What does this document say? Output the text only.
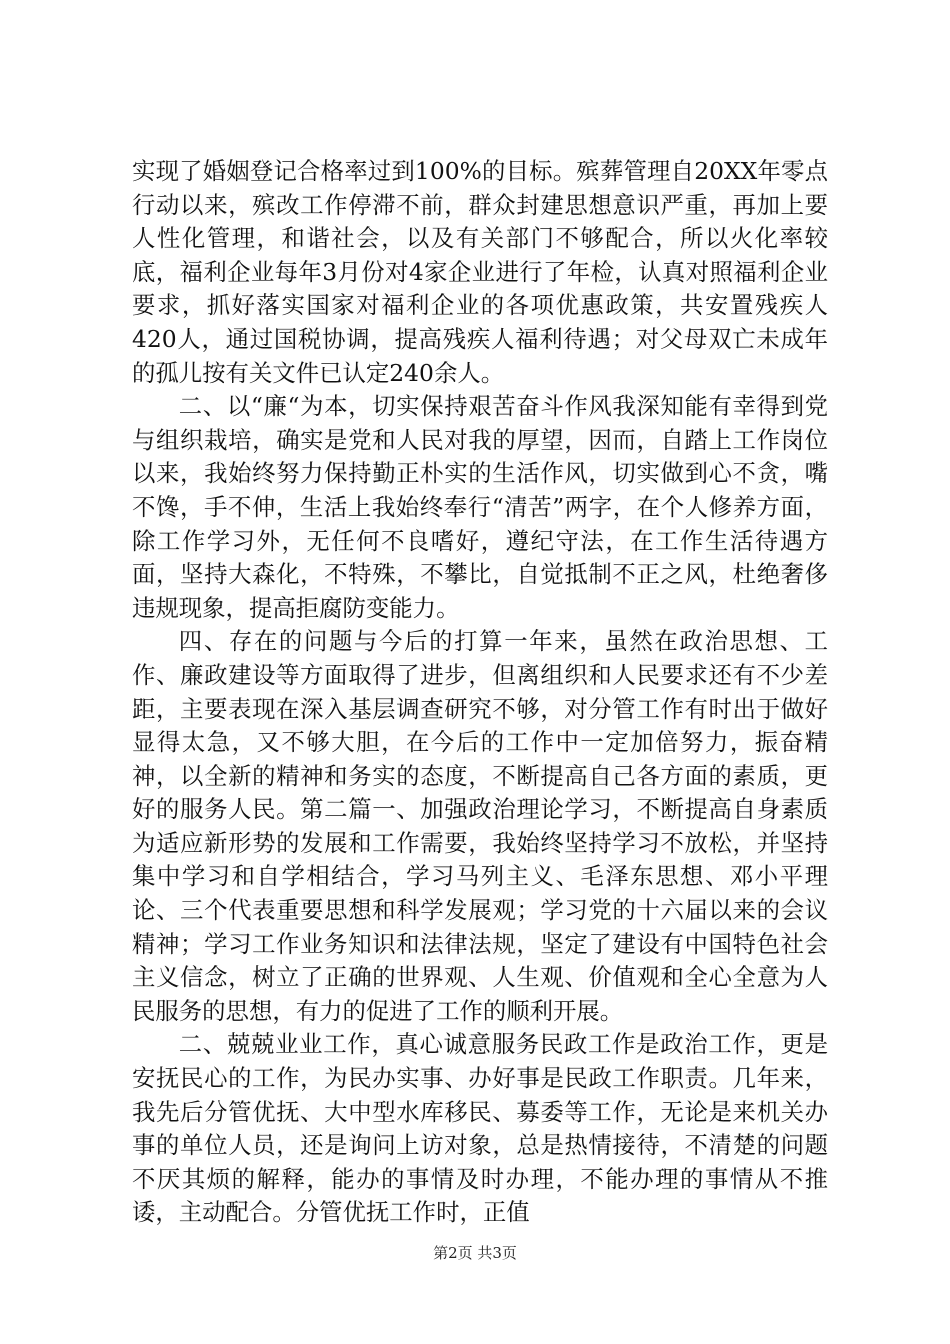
实现了婚姻登记合格率过到100%的目标。殡葬管理自20XX年零点行动以来，殡改工作停滞不前，群众封建思想意识严重，再加上要人性化管理，和谐社会，以及有关部门不够配合，所以火化率较底，福利企业每年3月份对4家企业进行了年检，认真对照福利企业要求，抓好落实国家对福利企业的各项优惠政策，共安置残疾人420人，通过国税协调，提高残疾人福利待遇；对父母双亡未成年的孤儿按有关文件已认定240余人。

二、以“廉“为本，切实保持艰苦奋斗作风我深知能有幸得到党与组织栽培，确实是党和人民对我的厚望，因而，自踏上工作岗位以来，我始终努力保持勤正朴实的生活作风，切实做到心不贪，嘴不馋，手不伸，生活上我始终奉行“清苦”两字，在个人修养方面，除工作学习外，无任何不良嗜好，遵纪守法，在工作生活待遇方面，坚持大森化，不特殊，不攀比，自觉抵制不正之风，杜绝奢侈违规现象，提高拒腐防变能力。

四、存在的问题与今后的打算一年来，虽然在政治思想、工作、廉政建设等方面取得了进步，但离组织和人民要求还有不少差距，主要表现在深入基层调查研究不够，对分管工作有时出于做好显得太急，又不够大胆，在今后的工作中一定加倍努力，振奋精神，以全新的精神和务实的态度，不断提高自己各方面的素质，更好的服务人民。第二篇一、加强政治理论学习，不断提高自身素质为适应新形势的发展和工作需要，我始终坚持学习不放松，并坚持集中学习和自学相结合，学习马列主义、毛泽东思想、邓小平理论、三个代表重要思想和科学发展观；学习党的十六届以来的会议精神；学习工作业务知识和法律法规，坚定了建设有中国特色社会主义信念，树立了正确的世界观、人生观、价值观和全心全意为人民服务的思想，有力的促进了工作的顺利开展。

二、兢兢业业工作，真心诚意服务民政工作是政治工作，更是安抚民心的工作，为民办实事、办好事是民政工作职责。几年来，我先后分管优抚、大中型水库移民、募委等工作，无论是来机关办事的单位人员，还是询问上访对象，总是热情接待，不清楚的问题不厌其烦的解释，能办的事情及时办理，不能办理的事情从不推诿，主动配合。分管优抚工作时，正值

第2页 共3页
